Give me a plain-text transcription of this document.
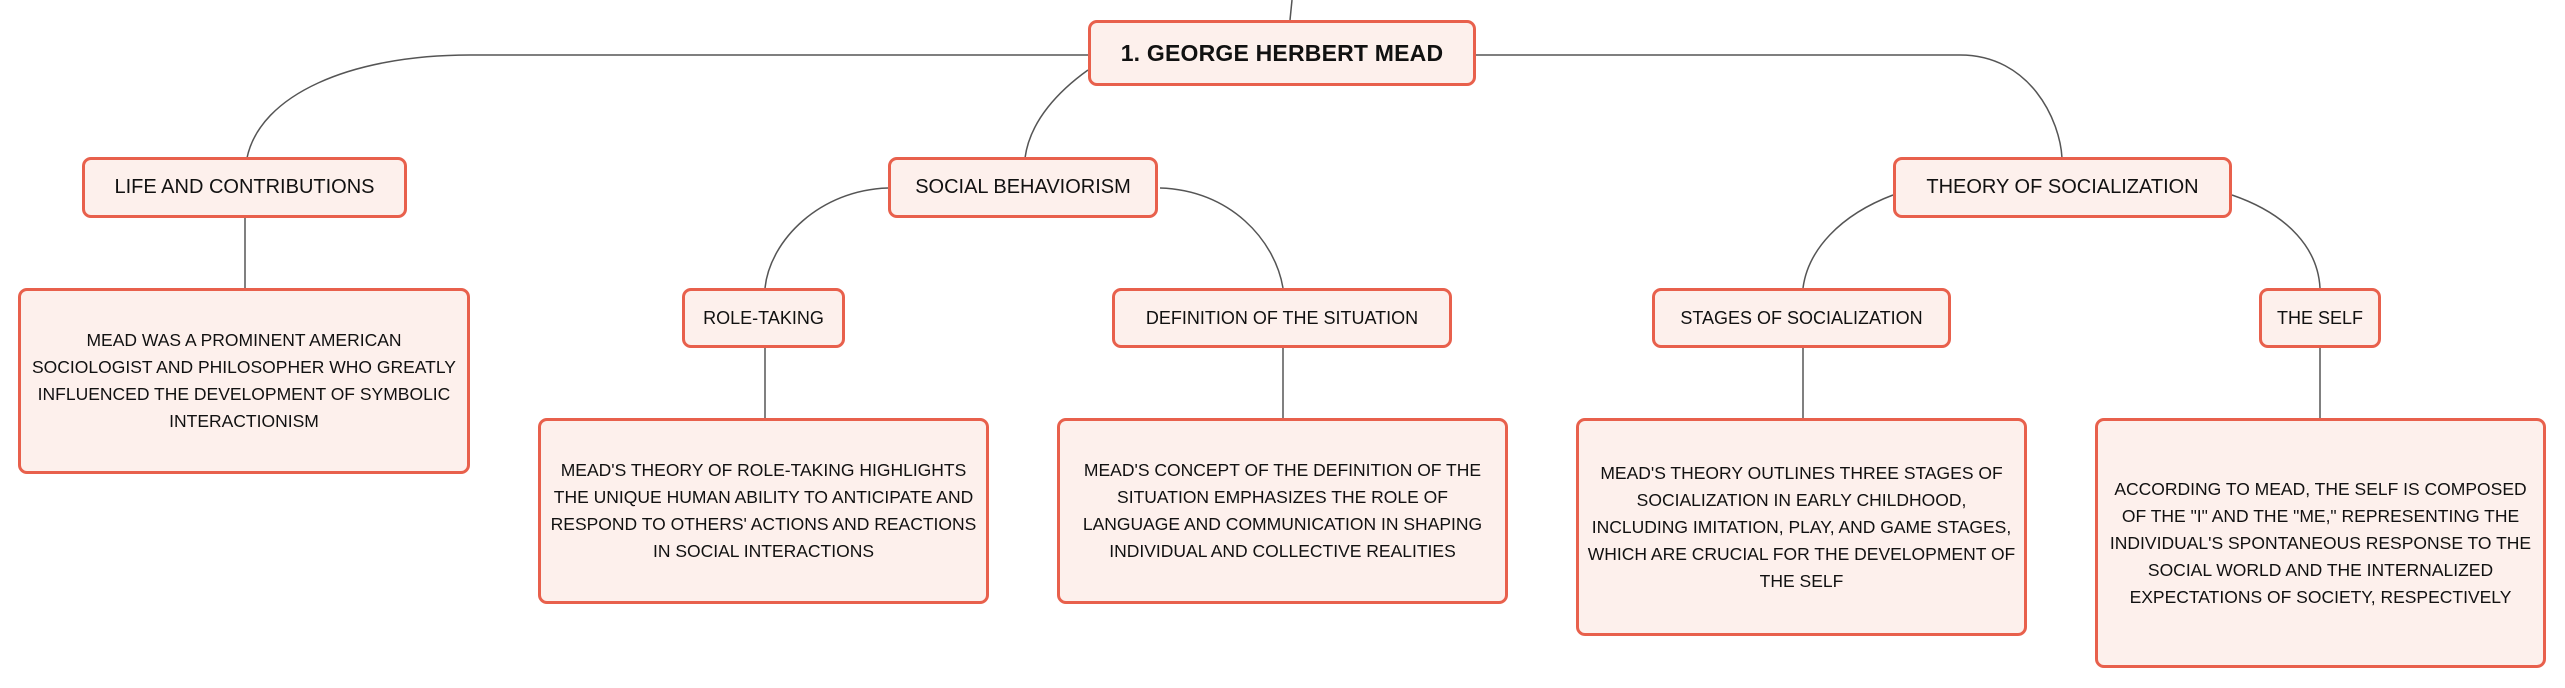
1. GEORGE HERBERT MEAD
LIFE AND CONTRIBUTIONS	SOCIAL BEHAVIORISM	THEORY OF SOCIALIZATION
ROLE-TAKING	DEFINITION OF THE SITUATION	STAGES OF SOCIALIZATION	THE SELF
MEAD WAS A PROMINENT AMERICAN SOCIOLOGIST AND PHILOSOPHER WHO GREATLY INFLUENCED THE DEVELOPMENT OF SYMBOLIC INTERACTIONISM
MEAD'S THEORY OF ROLE-TAKING HIGHLIGHTS THE UNIQUE HUMAN ABILITY TO ANTICIPATE AND RESPOND TO OTHERS' ACTIONS AND REACTIONS IN SOCIAL INTERACTIONS
MEAD'S CONCEPT OF THE DEFINITION OF THE SITUATION EMPHASIZES THE ROLE OF LANGUAGE AND COMMUNICATION IN SHAPING INDIVIDUAL AND COLLECTIVE REALITIES
MEAD'S THEORY OUTLINES THREE STAGES OF SOCIALIZATION IN EARLY CHILDHOOD, INCLUDING IMITATION, PLAY, AND GAME STAGES, WHICH ARE CRUCIAL FOR THE DEVELOPMENT OF THE SELF
ACCORDING TO MEAD, THE SELF IS COMPOSED OF THE "I" AND THE "ME," REPRESENTING THE INDIVIDUAL'S SPONTANEOUS RESPONSE TO THE SOCIAL WORLD AND THE INTERNALIZED EXPECTATIONS OF SOCIETY, RESPECTIVELY
